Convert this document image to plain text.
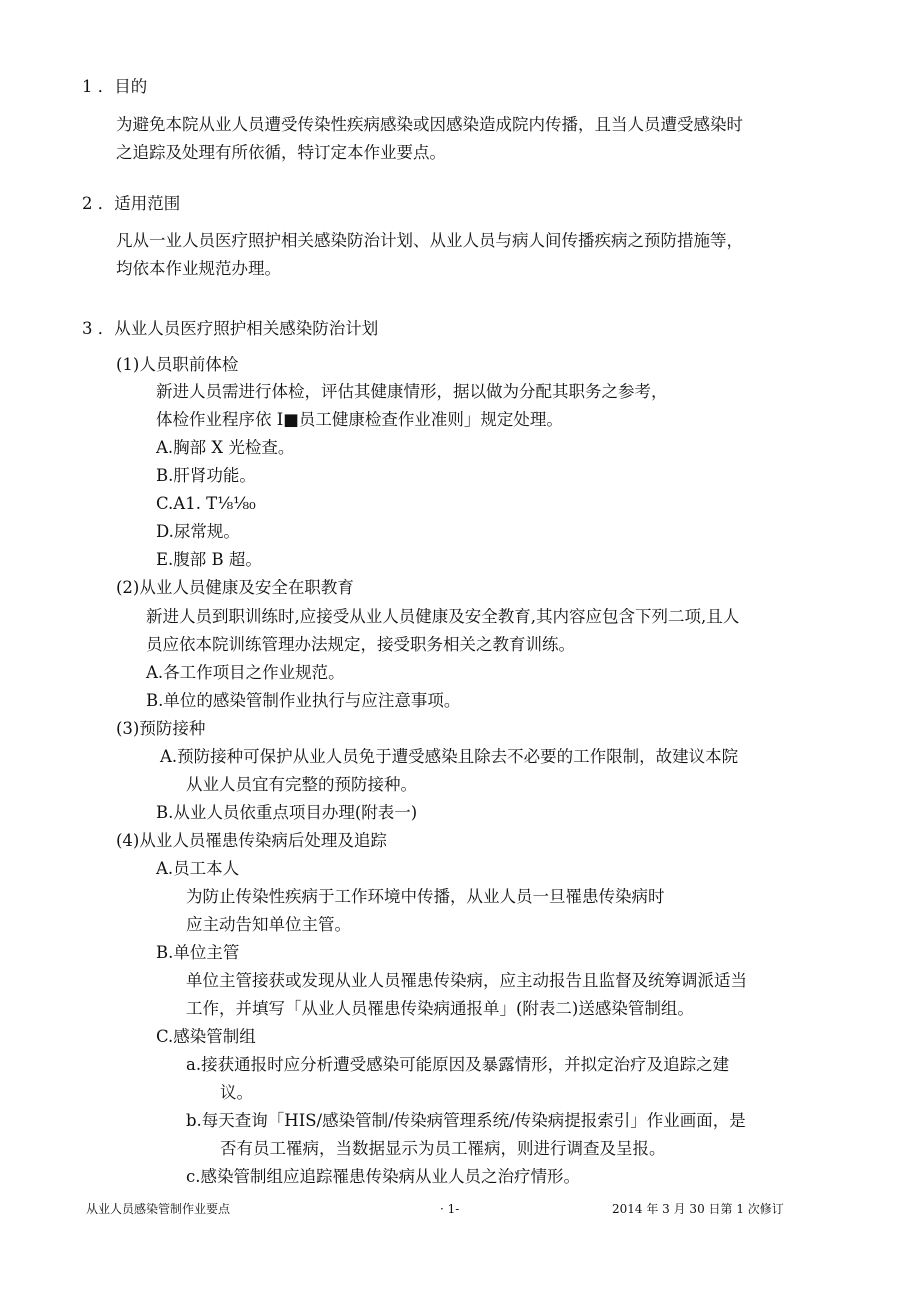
1 ．目的
为避免本院从业人员遭受传染性疾病感染或因感染造成院内传播，且当人员遭受感染时
之追踪及处理有所依循，特订定本作业要点。
2 ．适用范围
凡从一业人员医疗照护相关感染防治计划、从业人员与病人间传播疾病之预防措施等，
均依本作业规范办理。
3 ．从业人员医疗照护相关感染防治计划
(1)人员职前体检
新进人员需进行体检，评估其健康情形，据以做为分配其职务之参考，
体检作业程序依 I■员工健康检查作业准则」规定处理。
A.胸部 X 光检查。
B.肝肾功能。
C.A1. T⅛⅛₀
D.尿常规。
E.腹部 B 超。
(2)从业人员健康及安全在职教育
新进人员到职训练时,应接受从业人员健康及安全教育,其内容应包含下列二项,且人
员应依本院训练管理办法规定，接受职务相关之教育训练。
A.各工作项目之作业规范。
B.单位的感染管制作业执行与应注意事项。
(3)预防接种
A.预防接种可保护从业人员免于遭受感染且除去不必要的工作限制，故建议本院
从业人员宜有完整的预防接种。
B.从业人员依重点项目办理(附表一)
(4)从业人员罹患传染病后处理及追踪
A.员工本人
为防止传染性疾病于工作环境中传播，从业人员一旦罹患传染病时
应主动告知单位主管。
B.单位主管
单位主管接获或发现从业人员罹患传染病，应主动报告且监督及统筹调派适当
工作，并填写「从业人员罹患传染病通报单」(附表二)送感染管制组。
C.感染管制组
a.接获通报时应分析遭受感染可能原因及暴露情形，并拟定治疗及追踪之建
议。
b.每天查询「HIS/感染管制/传染病管理系统/传染病提报索引」作业画面，是
否有员工罹病，当数据显示为员工罹病，则进行调查及呈报。
c.感染管制组应追踪罹患传染病从业人员之治疗情形。
从业人员感染管制作业要点	· 1-	2014 年 3 月 30 日第 1 次修订
